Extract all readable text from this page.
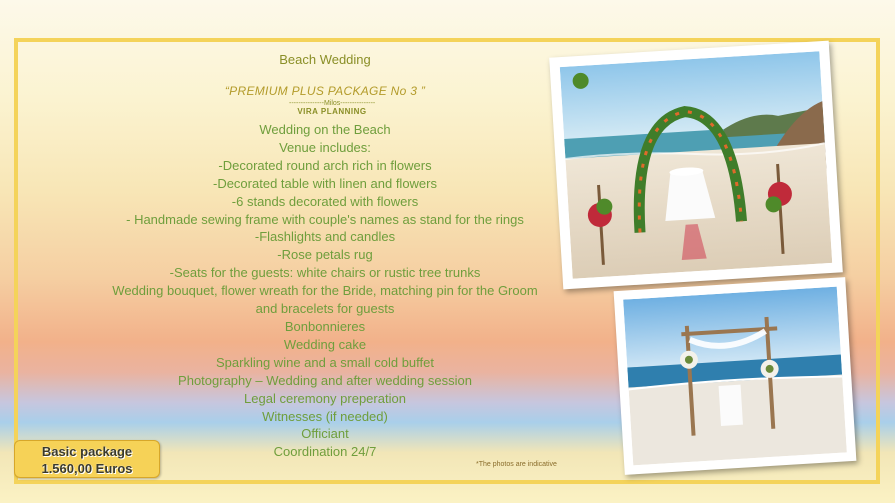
Beach Wedding
“PREMIUM PLUS PACKAGE No 3 ”
---------------Milos---------------
VIRA PLANNING

Wedding on the Beach

Venue includes:

-Decorated round arch rich in flowers

-Decorated table with linen and flowers

-6 stands decorated with flowers

- Handmade sewing frame with couple's names as stand for the rings

-Flashlights and candles

-Rose petals rug

-Seats for the guests: white chairs or rustic tree trunks

Wedding bouquet, flower wreath for the Bride, matching pin for the Groom

and bracelets for guests

Bonbonnieres

Wedding cake

Sparkling wine and a small cold buffet

Photography – Wedding and after wedding session

Legal ceremony preperation

Witnesses (if needed)

Officiant

Coordination 24/7

Basic package
1.560,00 Euros	*The photos are indicative
